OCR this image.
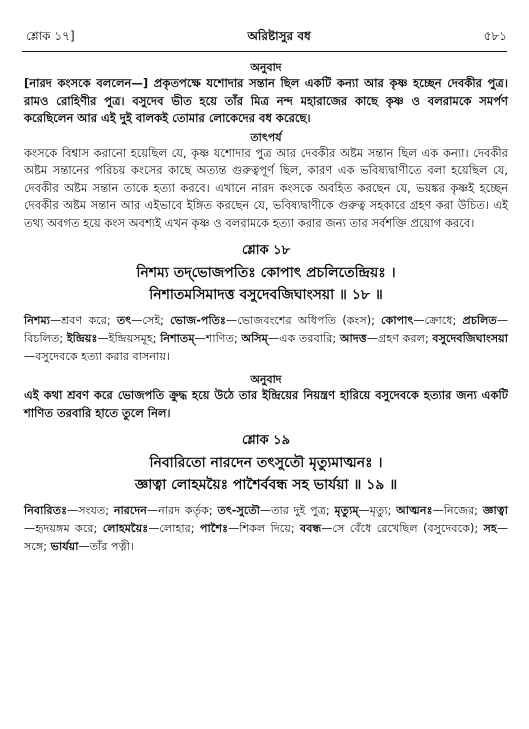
শ্লোক ১৭]	অরিষ্টাসুর বধ	৫৮১
অনুবাদ

[নারদ কংসকে বললেন—] প্রকৃতপক্ষে যশোদার সন্তান ছিল একটি কন্যা আর কৃষ্ণ হচ্ছেন দেবকীর পুত্র। রামও রোহিণীর পুত্র। বসুদেব ভীত হয়ে তাঁর মিত্র নন্দ মহারাজের কাছে কৃষ্ণ ও বলরামকে সমর্পণ করেছিলেন আর এই দুই বালকই তোমার লোকেদের বধ করেছে।

তাৎপর্য

কংসকে বিশ্বাস করানো হয়েছিল যে, কৃষ্ণ যশোদার পুত্র আর দেবকীর অষ্টম সন্তান ছিল এক কন্যা। দেবকীর অষ্টম সন্তানের পরিচয় কংসের কাছে অত্যন্ত গুরুত্বপূর্ণ ছিল, কারণ এক ভবিষ্যদ্বাণীতে বলা হয়েছিল যে, দেবকীর অষ্টম সন্তান তাকে হত্যা করবে। এখানে নারদ কংসকে অবহিত করছেন যে, ভয়ঙ্কর কৃষ্ণই হচ্ছেন দেবকীর অষ্টম সন্তান আর এইভাবে ইঙ্গিত করছেন যে, ভবিষ্যদ্বাণীকে গুরুত্ব সহকারে গ্রহণ করা উচিত। এই তথ্য অবগত হয়ে কংস অবশ্যই এখন কৃষ্ণ ও বলরামকে হত্যা করার জন্য তার সর্বশক্তি প্রয়োগ করবে।

শ্লোক ১৮
নিশম্য তদ্‌ভোজপতিঃ কোপাৎ প্রচলিতেন্দ্রিয়ঃ ।
নিশাতমসিমাদত্ত বসুদেবজিঘাংসয়া ॥ ১৮ ॥

নিশম্য—শ্রবণ করে; তৎ—সেই; ভোজ-পতিঃ—ভোজবংশের অধিপতি (কংস); কোপাৎ—ক্রোধে; প্রচলিত—বিচলিত; ইন্দ্রিয়ঃ—ইন্দ্রিয়সমূহ; নিশাতম্‌—শাণিত; অসিম্‌—এক তরবারি; আদত্ত—গ্রহণ করল; বসুদেবজিঘাংসয়া—বসুদেবকে হত্যা করার বাসনায়।

অনুবাদ

এই কথা শ্রবণ করে ভোজপতি ক্রুদ্ধ হয়ে উঠে তার ইন্দ্রিয়ের নিয়ন্ত্রণ হারিয়ে বসুদেবকে হত্যার জন্য একটি শাণিত তরবারি হাতে তুলে নিল।

শ্লোক ১৯
নিবারিতো নারদেন তৎসুতৌ মৃত্যুমাত্মনঃ ।
জ্ঞাত্বা লোহময়ৈঃ পাশৈর্ববন্ধ সহ ভার্যয়া ॥ ১৯ ॥

নিবারিতঃ—সংযত; নারদেন—নারদ কর্তৃক; তৎ-সুতৌ—তার দুই পুত্র; মৃত্যুম্‌—মৃত্যু; আত্মনঃ—নিজের; জ্ঞাত্বা—হৃদয়ঙ্গম করে; লোহময়ৈঃ—লোহার; পাশৈঃ—শিকল দিয়ে; ববন্ধ—সে বেঁধে রেখেছিল (বসুদেবকে); সহ—সঙ্গে; ভার্যয়া—তাঁর পত্নী।
